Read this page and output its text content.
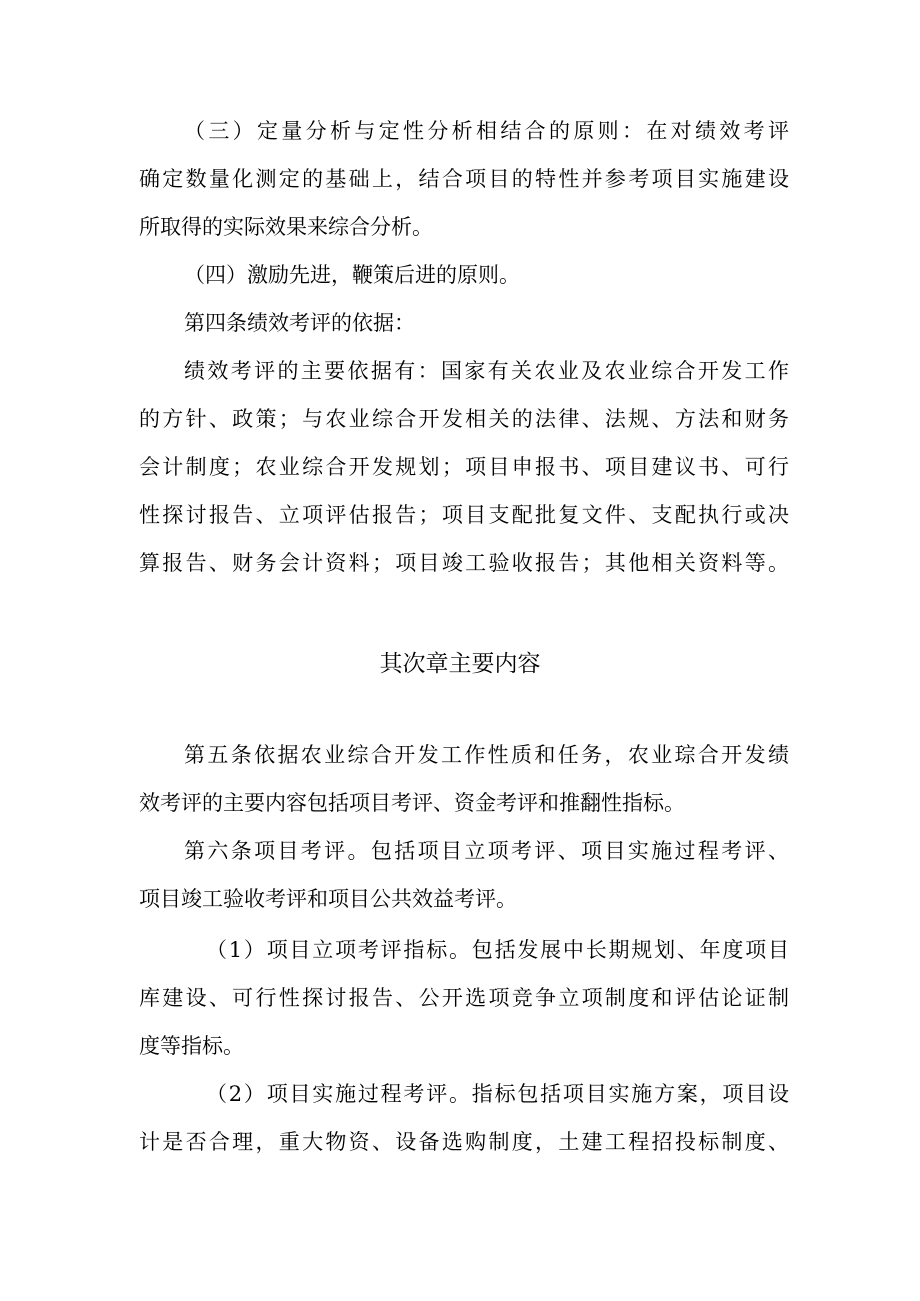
（三）定量分析与定性分析相结合的原则：在对绩效考评
确定数量化测定的基础上，结合项目的特性并参考项目实施建设
所取得的实际效果来综合分析。
（四）激励先进，鞭策后进的原则。
第四条绩效考评的依据：
绩效考评的主要依据有：国家有关农业及农业综合开发工作
的方针、政策；与农业综合开发相关的法律、法规、方法和财务
会计制度；农业综合开发规划；项目申报书、项目建议书、可行
性探讨报告、立项评估报告；项目支配批复文件、支配执行或决
算报告、财务会计资料；项目竣工验收报告；其他相关资料等。
其次章主要内容
第五条依据农业综合开发工作性质和任务，农业琮合开发绩
效考评的主要内容包括项目考评、资金考评和推翻性指标。
第六条项目考评。包括项目立项考评、项目实施过程考评、
项目竣工验收考评和项目公共效益考评。
（1）项目立项考评指标。包括发展中长期规划、年度项目
库建设、可行性探讨报告、公开选项竞争立项制度和评估论证制
度等指标。
（2）项目实施过程考评。指标包括项目实施方案，项目设
计是否合理，重大物资、设备选购制度，土建工程招投标制度、
